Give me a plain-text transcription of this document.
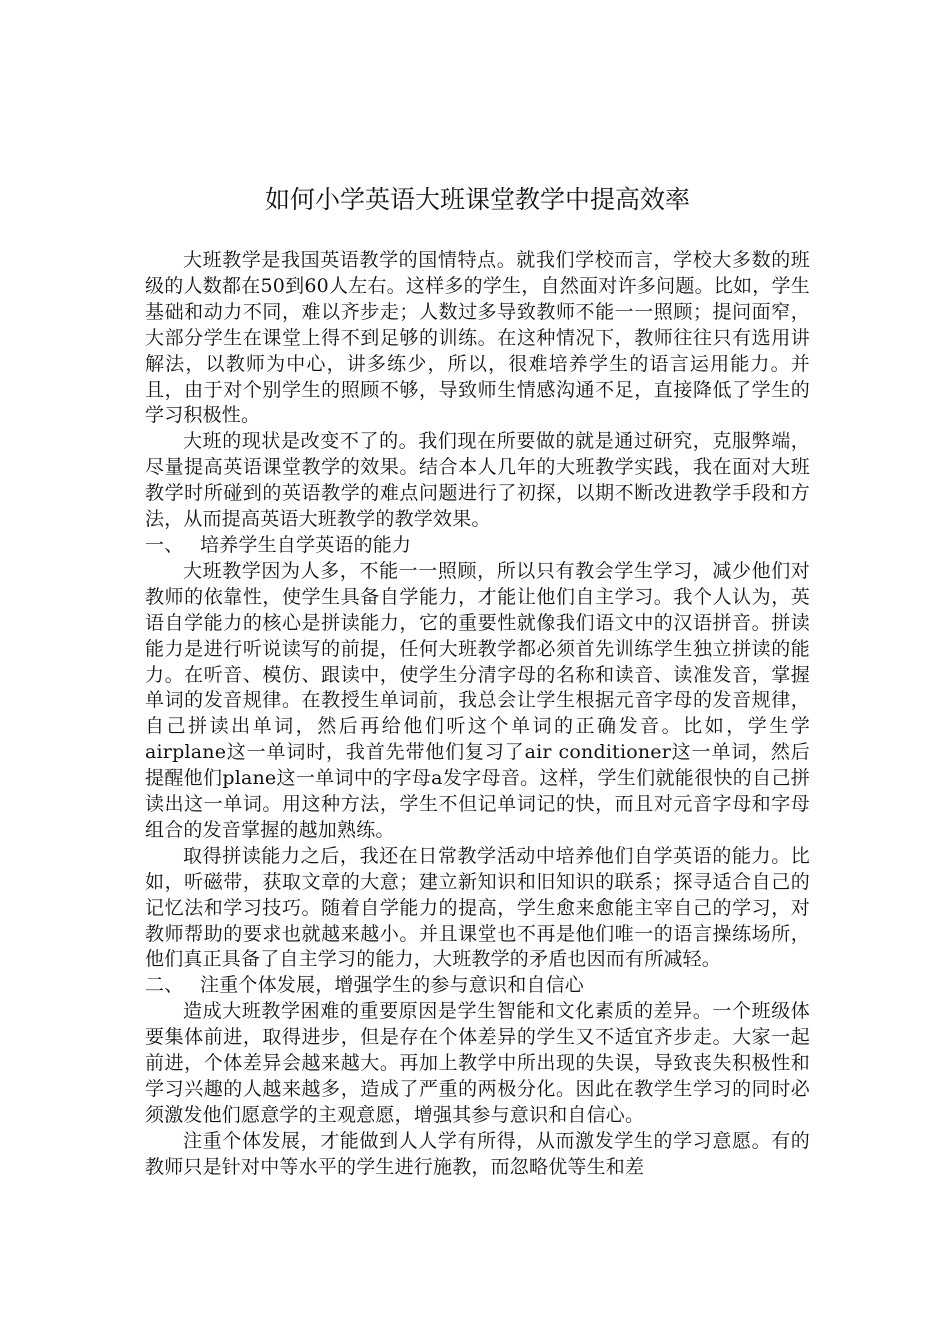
如何小学英语大班课堂教学中提高效率

大班教学是我国英语教学的国情特点。就我们学校而言，学校大多数的班级的人数都在50到60人左右。这样多的学生，自然面对许多问题。比如，学生基础和动力不同，难以齐步走；人数过多导致教师不能一一照顾；提问面窄，大部分学生在课堂上得不到足够的训练。在这种情况下，教师往往只有选用讲解法，以教师为中心，讲多练少，所以，很难培养学生的语言运用能力。并且，由于对个别学生的照顾不够，导致师生情感沟通不足，直接降低了学生的学习积极性。

大班的现状是改变不了的。我们现在所要做的就是通过研究，克服弊端，尽量提高英语课堂教学的效果。结合本人几年的大班教学实践，我在面对大班教学时所碰到的英语教学的难点问题进行了初探，以期不断改进教学手段和方法，从而提高英语大班教学的教学效果。

一、 培养学生自学英语的能力

大班教学因为人多，不能一一照顾，所以只有教会学生学习，减少他们对教师的依靠性，使学生具备自学能力，才能让他们自主学习。我个人认为，英语自学能力的核心是拼读能力，它的重要性就像我们语文中的汉语拼音。拼读能力是进行听说读写的前提，任何大班教学都必须首先训练学生独立拼读的能力。在听音、模仿、跟读中，使学生分清字母的名称和读音、读准发音，掌握单词的发音规律。在教授生单词前，我总会让学生根据元音字母的发音规律，自己拼读出单词，然后再给他们听这个单词的正确发音。比如，学生学airplane这一单词时，我首先带他们复习了air conditioner这一单词，然后提醒他们plane这一单词中的字母a发字母音。这样，学生们就能很快的自己拼读出这一单词。用这种方法，学生不但记单词记的快，而且对元音字母和字母组合的发音掌握的越加熟练。

取得拼读能力之后，我还在日常教学活动中培养他们自学英语的能力。比如，听磁带，获取文章的大意；建立新知识和旧知识的联系；探寻适合自己的记忆法和学习技巧。随着自学能力的提高，学生愈来愈能主宰自己的学习，对教师帮助的要求也就越来越小。并且课堂也不再是他们唯一的语言操练场所，他们真正具备了自主学习的能力，大班教学的矛盾也因而有所减轻。

二、 注重个体发展，增强学生的参与意识和自信心

造成大班教学困难的重要原因是学生智能和文化素质的差异。一个班级体要集体前进，取得进步，但是存在个体差异的学生又不适宜齐步走。大家一起前进，个体差异会越来越大。再加上教学中所出现的失误，导致丧失积极性和学习兴趣的人越来越多，造成了严重的两极分化。因此在教学生学习的同时必须激发他们愿意学的主观意愿，增强其参与意识和自信心。

注重个体发展，才能做到人人学有所得，从而激发学生的学习意愿。有的教师只是针对中等水平的学生进行施教，而忽略优等生和差
